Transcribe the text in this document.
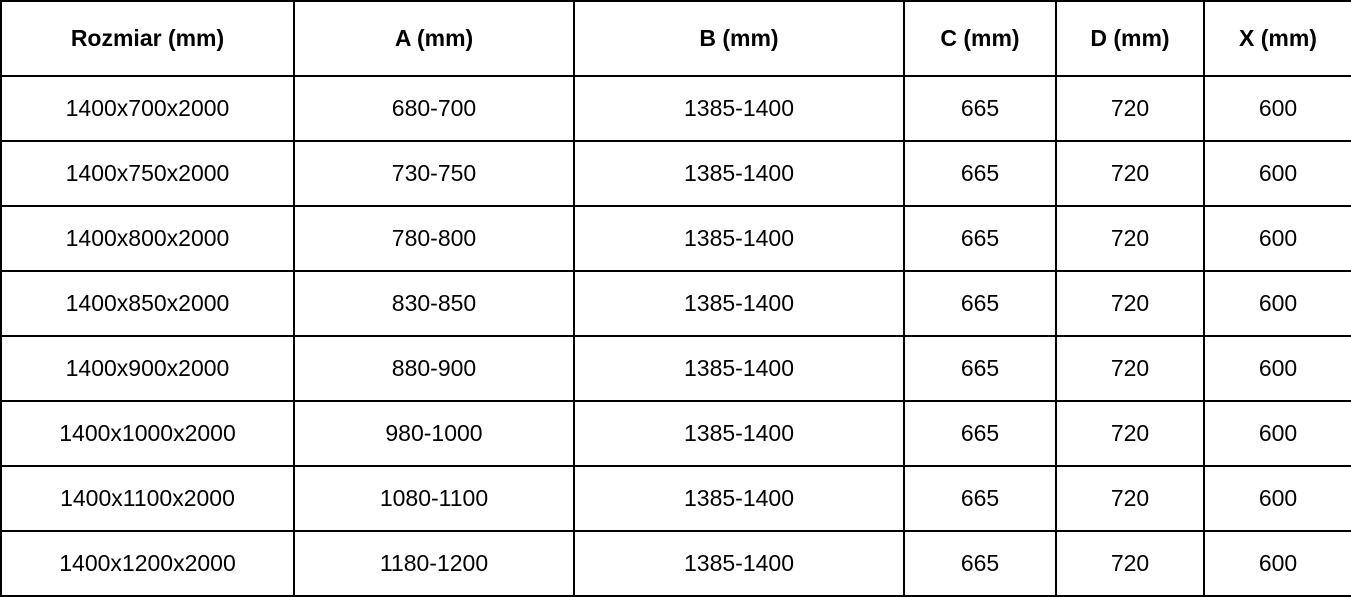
Rozmiar (mm)	A (mm)	B (mm)	C (mm)	D (mm)	X (mm)
1400x700x2000	680-700	1385-1400	665	720	600
1400x750x2000	730-750	1385-1400	665	720	600
1400x800x2000	780-800	1385-1400	665	720	600
1400x850x2000	830-850	1385-1400	665	720	600
1400x900x2000	880-900	1385-1400	665	720	600
1400x1000x2000	980-1000	1385-1400	665	720	600
1400x1100x2000	1080-1100	1385-1400	665	720	600
1400x1200x2000	1180-1200	1385-1400	665	720	600
